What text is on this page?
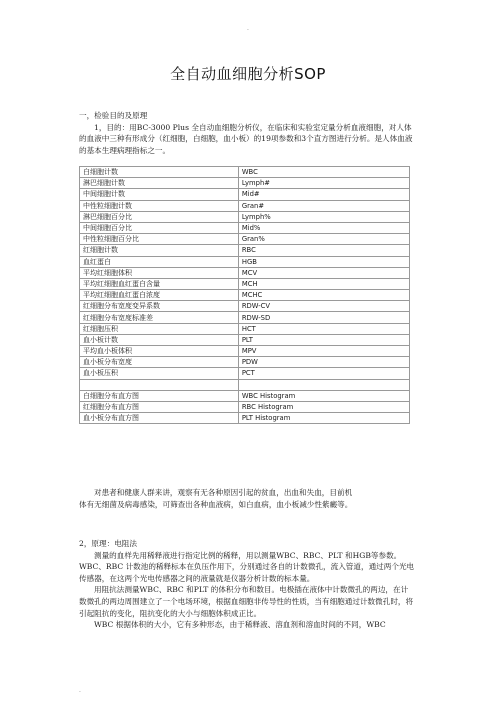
.
全自动血细胞分析SOP

一，检验目的及原理

1，目的：用BC-3000 Plus 全自动血细胞分析仪，在临床和实验室定量分析血液细胞，对人体的血液中三种有形成分（红细胞，白细胞，血小板）的19项参数和3个直方图进行分析。是人体血液的基本生理病理指标之一。

白细胞计数	WBC
淋巴细胞计数	Lymph#
中间细胞计数	Mid#
中性粒细胞计数	Gran#
淋巴细胞百分比	Lymph%
中间细胞百分比	Mid%
中性粒细胞百分比	Gran%
红细胞计数	RBC
血红蛋白	HGB
平均红细胞体积	MCV
平均红细胞血红蛋白含量	MCH
平均红细胞血红蛋白浓度	MCHC
红细胞分布宽度变异系数	RDW-CV
红细胞分布宽度标准差	RDW-SD
红细胞压积	HCT
血小板计数	PLT
平均血小板体积	MPV
血小板分布宽度	PDW
血小板压积	PCT

白细胞分布直方图	WBC Histogram
红细胞分布直方图	RBC Histogram
血小板分布直方图	PLT Histogram

对患者和健康人群来讲，观察有无各种原因引起的贫血，出血和失血，目前机

体有无细菌及病毒感染，可筛查出各种血液病，如白血病，血小板减少性紫癜等。

2，原理：电阻法

测量的血样先用稀释液进行指定比例的稀释，用以测量WBC、RBC、PLT 和HGB等参数。WBC、RBC 计数池的稀释标本在负压作用下，分别通过各自的计数微孔，流入管道，通过两个光电传感器，在这两个光电传感器之间的液量就是仪器分析计数的标本量。

用阻抗法测量WBC、RBC 和PLT 的体积分布和数目。电极插在液体中计数微孔的两边，在计数微孔的两边周围建立了一个电场环境，根据血细胞非传导性的性质，当有细胞通过计数微孔时，将引起阻抗的变化，阻抗变化的大小与细胞体积成正比。

WBC 根据体积的大小，它有多种形态，由于稀释液、溶血剂和溶血时间的不同，WBC

.
